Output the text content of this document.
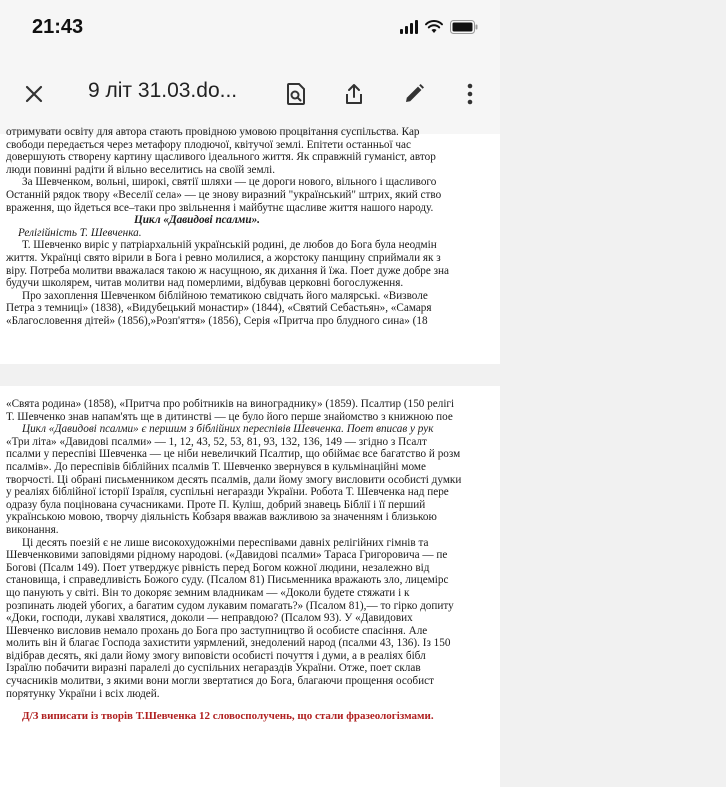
21:43
9 літ 31.03.do...
отримувати освіту для автора стають провідною умовою процвітання суспільства. Кар
свободи передається через метафору плодючої, квітучої землі. Епітети останньої час
довершують створену картину щасливого ідеального життя. Як справжній гуманіст, автор
люди повинні радіти й вільно веселитись на своїй землі.
За Шевченком, вольні, широкі, святії шляхи — це дороги нового, вільного і щасливого
Останній рядок твору «Веселії села» — це знову виразний "український" штрих, який ство
враження, що йдеться все–таки про звільнення і майбутнє щасливе життя нашого народу.
Цикл «Давидові псалми».
Релігійність Т. Шевченка.
Т. Шевченко виріс у патріархальній українській родині, де любов до Бога була неодмін
життя. Українці свято вірили в Бога і ревно молилися, а жорстоку панщину сприймали як з
віру. Потреба молитви вважалася такою ж насущною, як дихання й їжа. Поет дуже добре зна
будучи школярем, читав молитви над померлими, відбував церковні богослуження.
Про захоплення Шевченком біблійною тематикою свідчать його малярські. «Визволе
Петра з темниці» (1838), «Видубецький монастир» (1844), «Святий Себастьян», «Самаря
«Благословення дітей» (1856),»Розп'яття» (1856), Серія «Притча про блудного сина» (18
«Свята родина» (1858), «Притча про робітників на винограднику» (1859). Псалтир (150 релігі
Т. Шевченко знав напам'ять ще в дитинстві — це було його перше знайомство з книжною пое
Цикл «Давидові псалми» є першим з біблійних переспівів Шевченка. Поет вписав у рук
«Три літа» «Давидові псалми» — 1, 12, 43, 52, 53, 81, 93, 132, 136, 149 — згідно з Псалт
псалми у переспіві Шевченка — це ніби невеличкий Псалтир, що обіймає все багатство й розм
псалмів». До переспівів біблійних псалмів Т. Шевченко звернувся в кульмінаційні моме
творчості. Ці обрані письменником десять псалмів, дали йому змогу висловити особисті думки
у реаліях біблійної історії Ізраїля, суспільні негаразди України. Робота Т. Шевченка над пере
одразу була поцінована сучасниками. Проте П. Куліш, добрий знавець Біблії і її перший
українською мовою, творчу діяльність Кобзаря вважав важливою за значенням і близькою
виконання.
Ці десять поезій є не лише високохудожніми переспівами давніх релігійних гімнів та
Шевченковими заповідями рідному народові. («Давидові псалми» Тараса Григоровича — пе
Богові (Псалм 149). Поет утверджує рівність перед Богом кожної людини, незалежно від
становища, і справедливість Божого суду. (Псалом 81) Письменника вражають зло, лицемірс
що панують у світі. Він то докоряє земним владникам — «Доколи будете стяжати і к
розпинать людей убогих, а багатим судом лукавим помагать?» (Псалом 81),— то гірко допиту
«Доки, господи, лукаві хвалятися, доколи — неправдою? (Псалом 93). У «Давидових
Шевченко висловив немало прохань до Бога про заступництво й особисте спасіння. Але
молить він й благає Господа захистити уярмлений, знедолений народ (псалми 43, 136). Із 150
відібрав десять, які дали йому змогу виповісти особисті почуття і думи, а в реаліях бібл
Ізраїлю побачити виразні паралелі до суспільних негараздів України. Отже, поет склав
сучасників молитви, з якими вони могли звертатися до Бога, благаючи прощення особист
порятунку України і всіх людей.
Д/З виписати із творів Т.Шевченка 12 словосполучень, що стали фразеологізмами.
